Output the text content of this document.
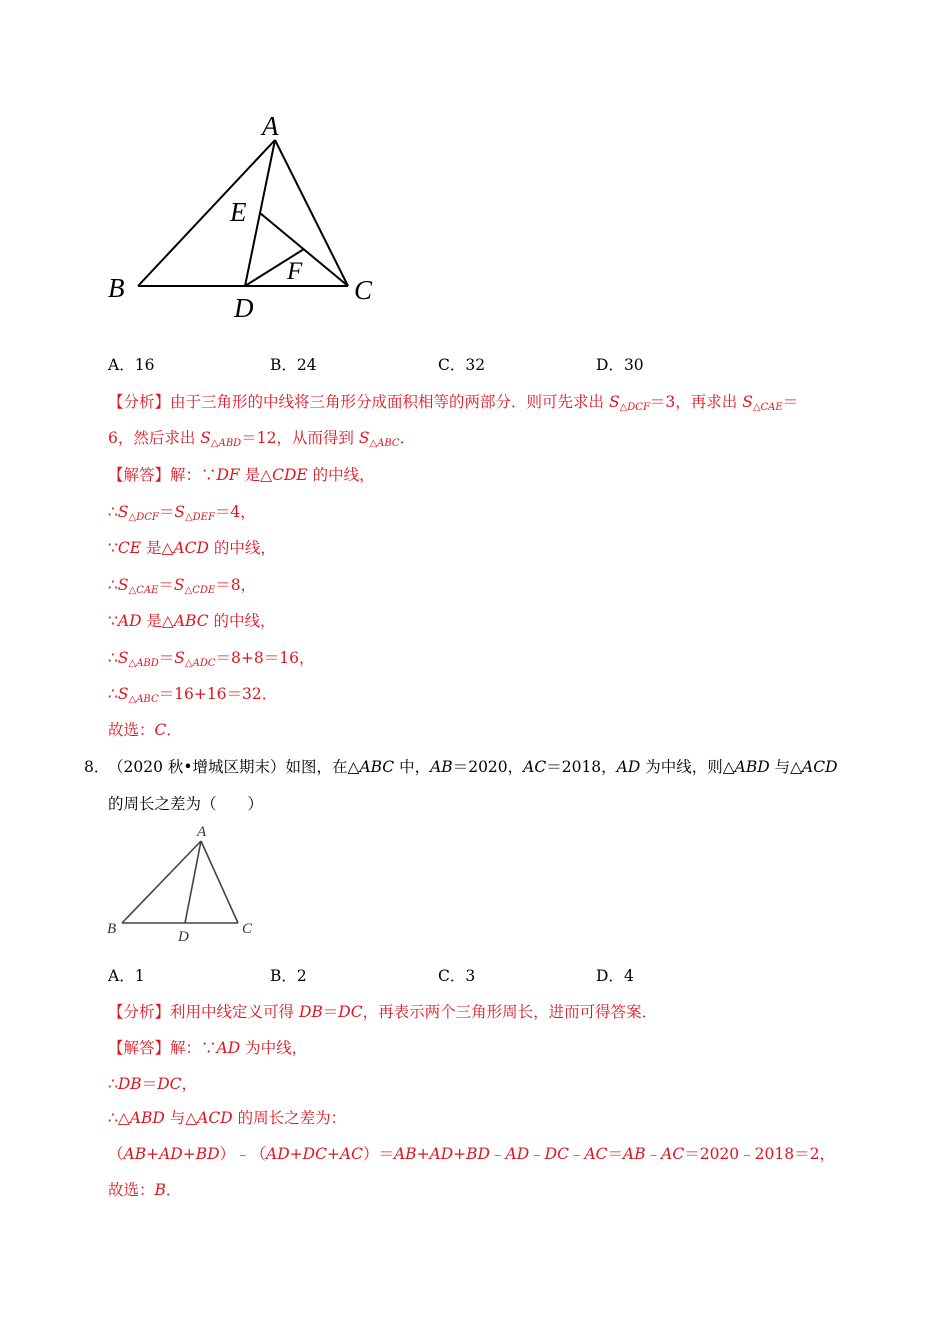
A
B	C
D
E
F
A．16	B．24	C．32	D．30
【分析】由于三角形的中线将三角形分成面积相等的两部分．则可先求出 $S_{\triangle DCF}=3$，再求出 $S_{\triangle CAE}=$
6，然后求出 $S_{\triangle ABD}=12$，从而得到 $S_{\triangle ABC}$．
【解答】解：∵DF 是△CDE 的中线，
$\therefore S_{\triangle DCF}=S_{\triangle DEF}=4$，
∵CE 是△ACD 的中线，
$\therefore S_{\triangle CAE}=S_{\triangle CDE}=8$，
∵AD 是△ABC 的中线，
$\therefore S_{\triangle ABD}=S_{\triangle ADC}=8+8=16$，
$\therefore S_{\triangle ABC}=16+16=32$．
故选：C．
8．
（2020 秋•增城区期末）如图，在△ABC 中，AB＝2020，AC＝2018，AD 为中线，则△ABD 与△ACD
的周长之差为（　　）
A
B	C
D
A．1	B．2	C．3	D．4
【分析】利用中线定义可得 DB＝DC，再表示两个三角形周长，进而可得答案．
【解答】解：∵AD 为中线，
∴DB＝DC，
∴△ABD 与△ACD 的周长之差为：
（AB+AD+BD）﹣（AD+DC+AC）＝AB+AD+BD﹣AD﹣DC﹣AC＝AB﹣AC＝2020﹣2018＝2，
故选：B．
